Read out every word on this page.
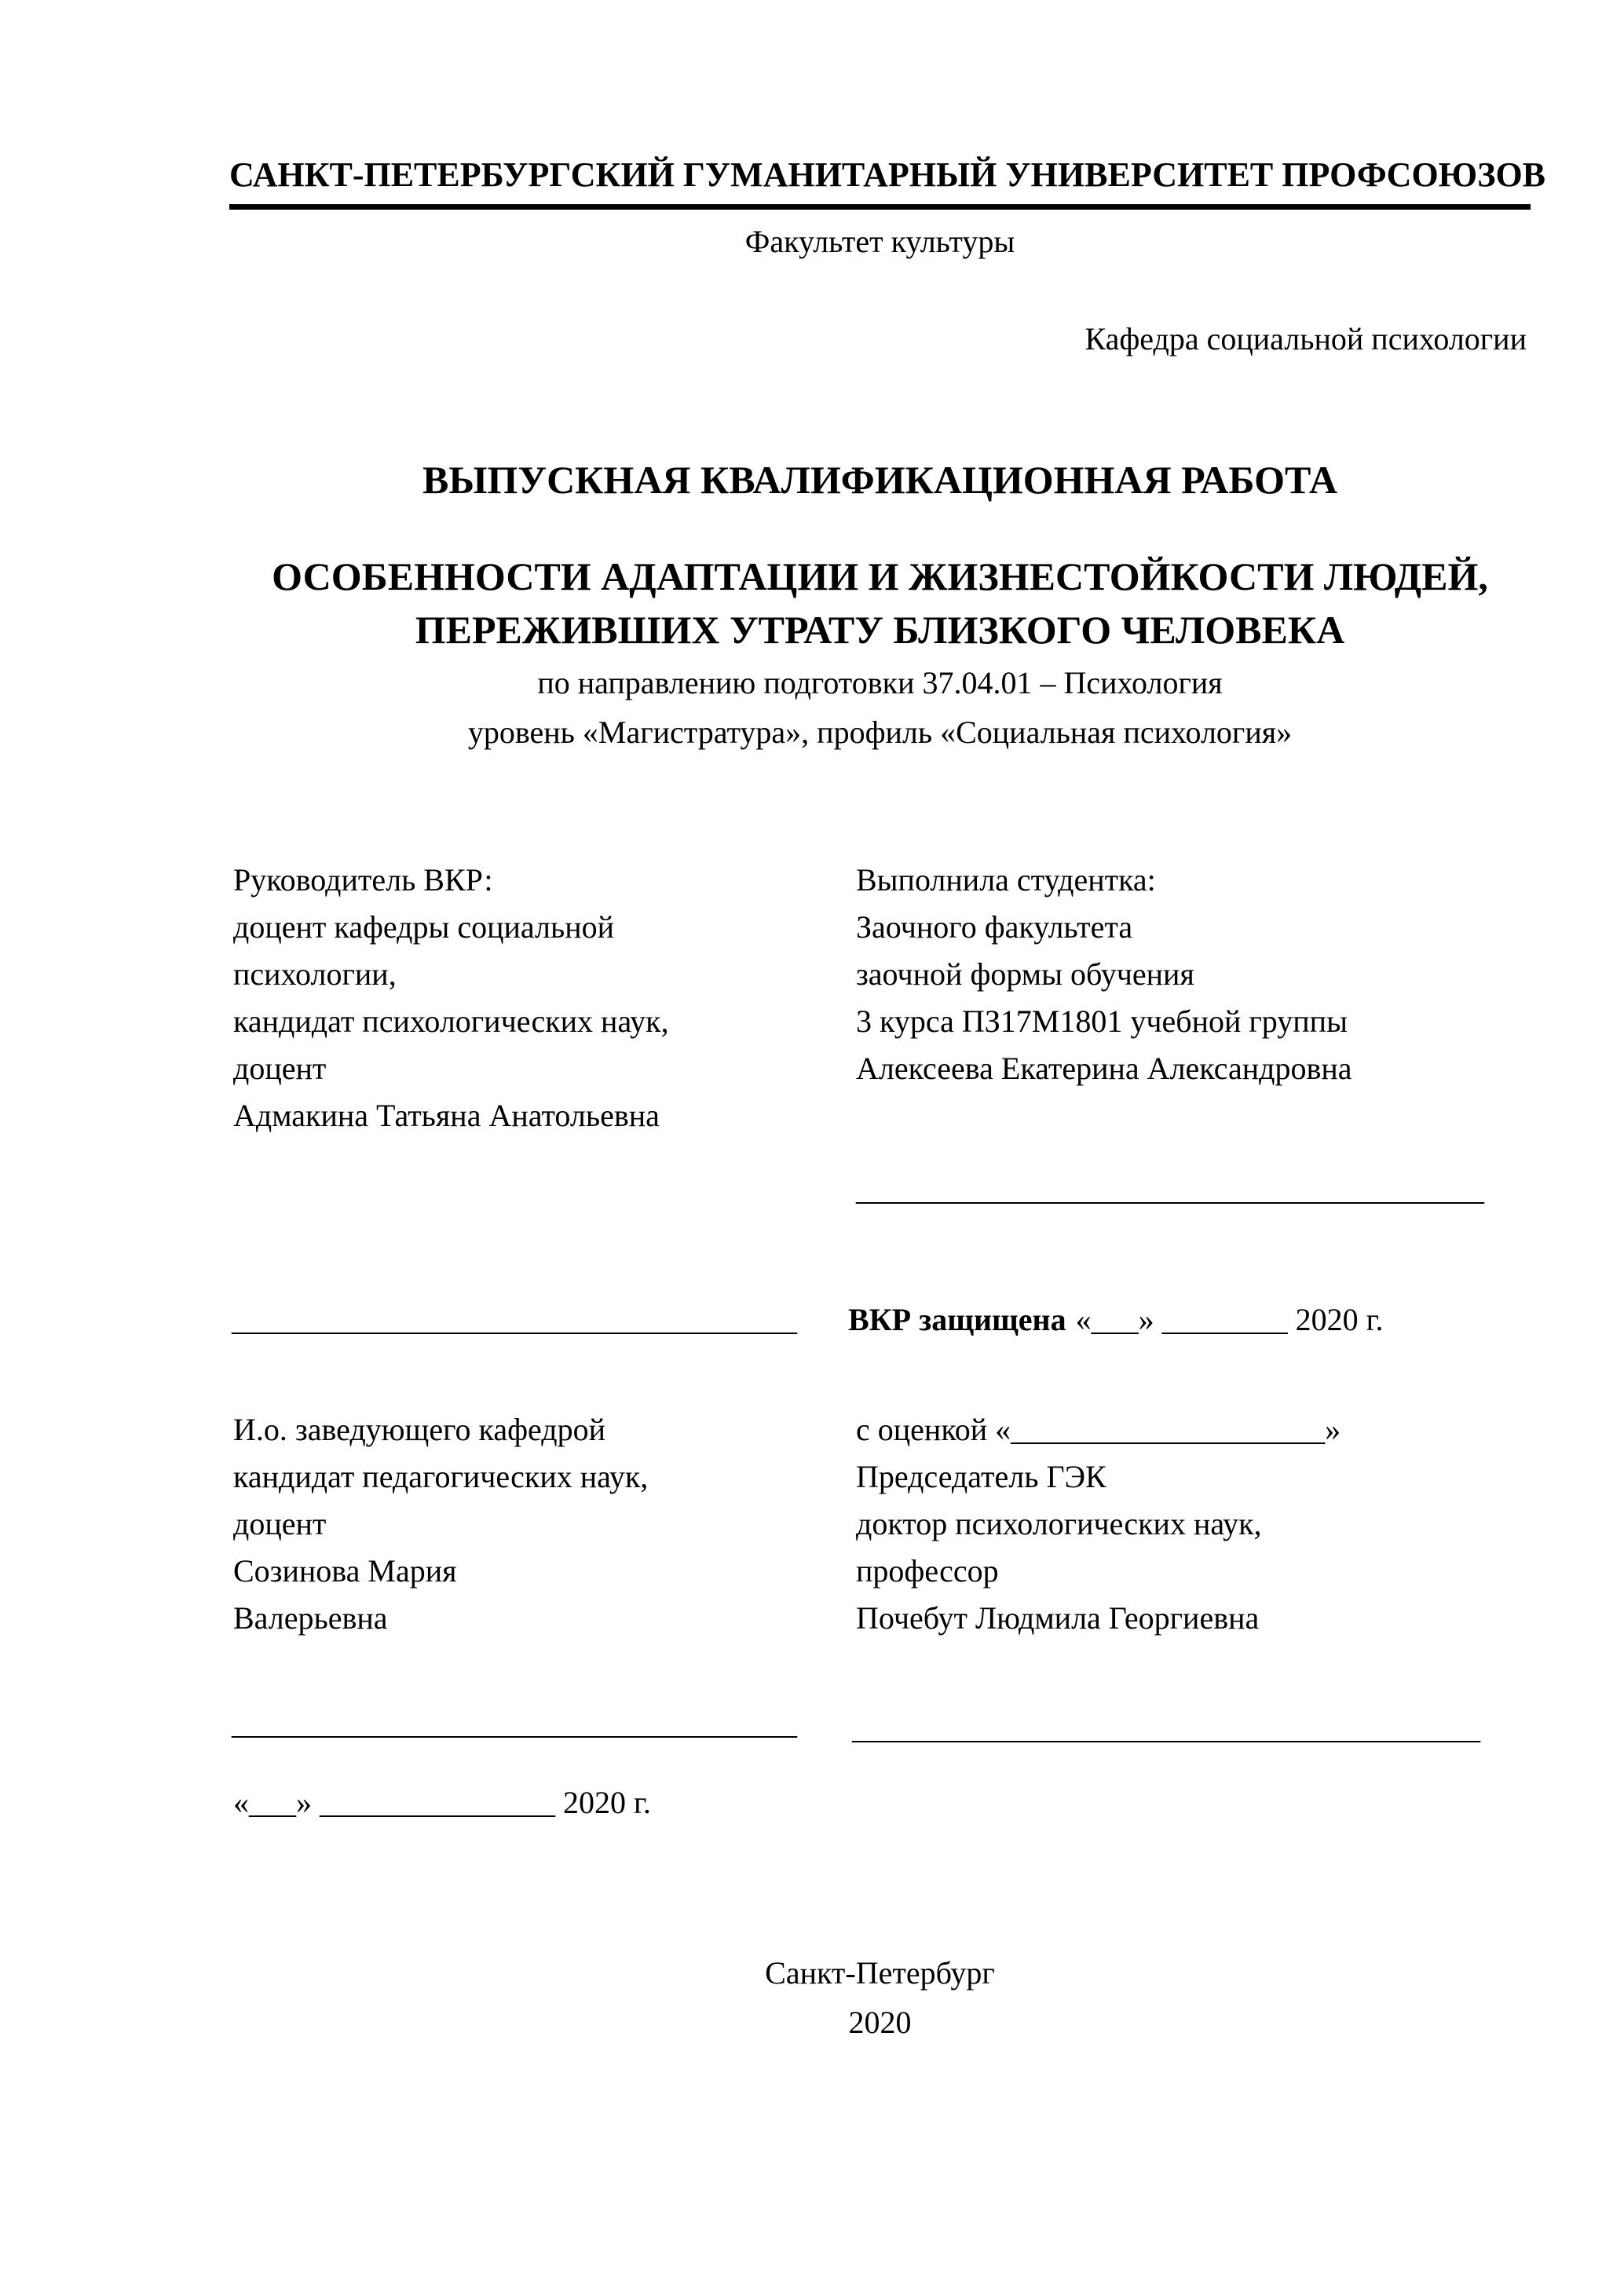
САНКТ-ПЕТЕРБУРГСКИЙ ГУМАНИТАРНЫЙ УНИВЕРСИТЕТ ПРОФСОЮЗОВ
Факультет культуры
Кафедра социальной психологии
ВЫПУСКНАЯ КВАЛИФИКАЦИОННАЯ РАБОТА
ОСОБЕННОСТИ АДАПТАЦИИ И ЖИЗНЕСТОЙКОСТИ ЛЮДЕЙ,
ПЕРЕЖИВШИХ УТРАТУ БЛИЗКОГО ЧЕЛОВЕКА
по направлению подготовки 37.04.01 – Психология
уровень «Магистратура», профиль «Социальная психология»
Руководитель ВКР:
доцент кафедры социальной
психологии,
кандидат психологических наук,
доцент
Адмакина Татьяна Анатольевна
Выполнила студентка:
Заочного факультета
заочной формы обучения
3 курса ПЗ17М1801 учебной группы
Алексеева Екатерина Александровна
________________________________________
____________________________________ ВКР защищена «___» ________ 2020 г.
И.о. заведующего кафедрой
кандидат педагогических наук,
доцент
Созинова Мария
Валерьевна
с оценкой «____________________»
Председатель ГЭК
доктор психологических наук,
профессор
Почебут Людмила Георгиевна
____________________________________ ________________________________________
«___» _______________ 2020 г.
Санкт-Петербург
2020
